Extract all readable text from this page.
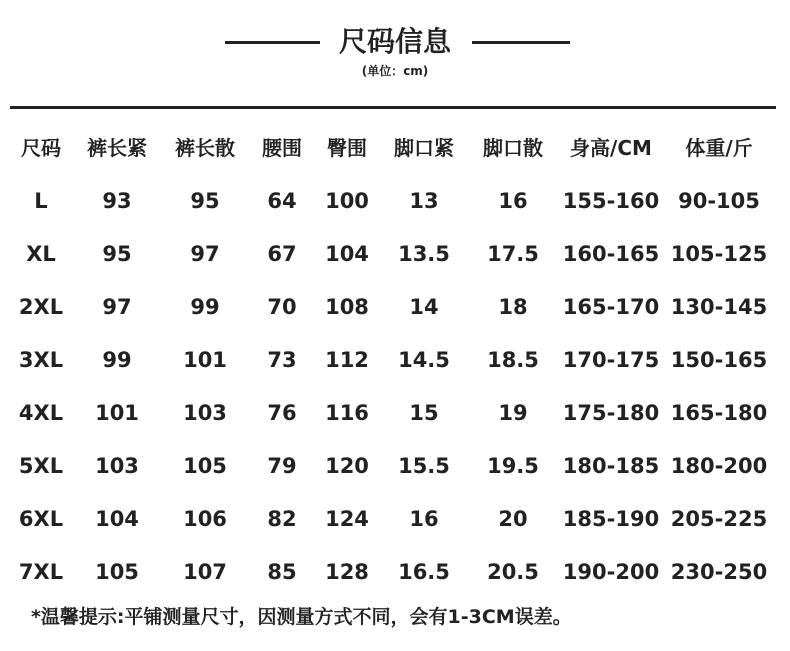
尺码信息
(单位：cm)
尺码	裤长紧	裤长散	腰围	臀围	脚口紧	脚口散	身高/CM	体重/斤
L	93	95	64	100	13	16	155-160 90-105
XL	95	97	67	104	13.5	17.5	160-165 105-125
2XL	97	99	70	108	14	18	165-170 130-145
3XL	99	101	73	112	14.5	18.5	170-175 150-165
4XL	101	103	76	116	15	19	175-180 165-180
5XL	103	105	79	120	15.5	19.5	180-185 180-200
6XL	104	106	82	124	16	20	185-190 205-225
7XL	105	107	85	128	16.5	20.5	190-200 230-250
*温馨提示:平铺测量尺寸，因测量方式不同，会有1-3CM误差。
